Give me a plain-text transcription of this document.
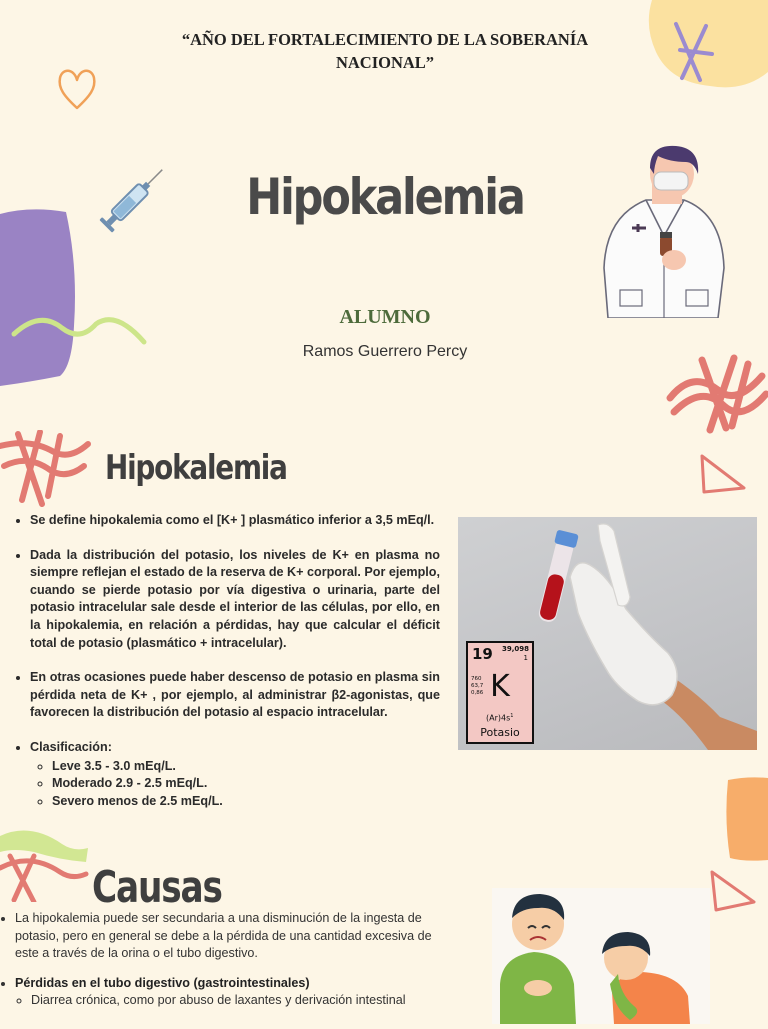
“AÑO DEL FORTALECIMIENTO DE LA SOBERANÍA NACIONAL”
Hipokalemia
ALUMNO
Ramos Guerrero Percy
Hipokalemia
• Se define hipokalemia como el [K+ ] plasmático inferior a 3,5 mEq/l.
• Dada la distribución del potasio, los niveles de K+ en plasma no siempre reflejan el estado de la reserva de K+ corporal. Por ejemplo, cuando se pierde potasio por vía digestiva o urinaria, parte del potasio intracelular sale desde el interior de las células, por ello, en la hipokalemia, en relación a pérdidas, hay que calcular el déficit total de potasio (plasmático + intracelular).
• En otras ocasiones puede haber descenso de potasio en plasma sin pérdida neta de K+ , por ejemplo, al administrar β2-agonistas, que favorecen la distribución del potasio al espacio intracelular.
• Clasificación:
◦ Leve 3.5 - 3.0 mEq/L.
◦ Moderado 2.9 - 2.5 mEq/L.
◦ Severo menos de 2.5 mEq/L.
19 39,098
1
760
63,7
0,86 K
$(Ar)4s^1$
Potasio
Causas
• La hipokalemia puede ser secundaria a una disminución de la ingesta de potasio, pero en general se debe a la pérdida de una cantidad excesiva de este a través de la orina o el tubo digestivo.
• Pérdidas en el tubo digestivo (gastrointestinales)
◦ Diarrea crónica, como por abuso de laxantes y derivación intestinal
